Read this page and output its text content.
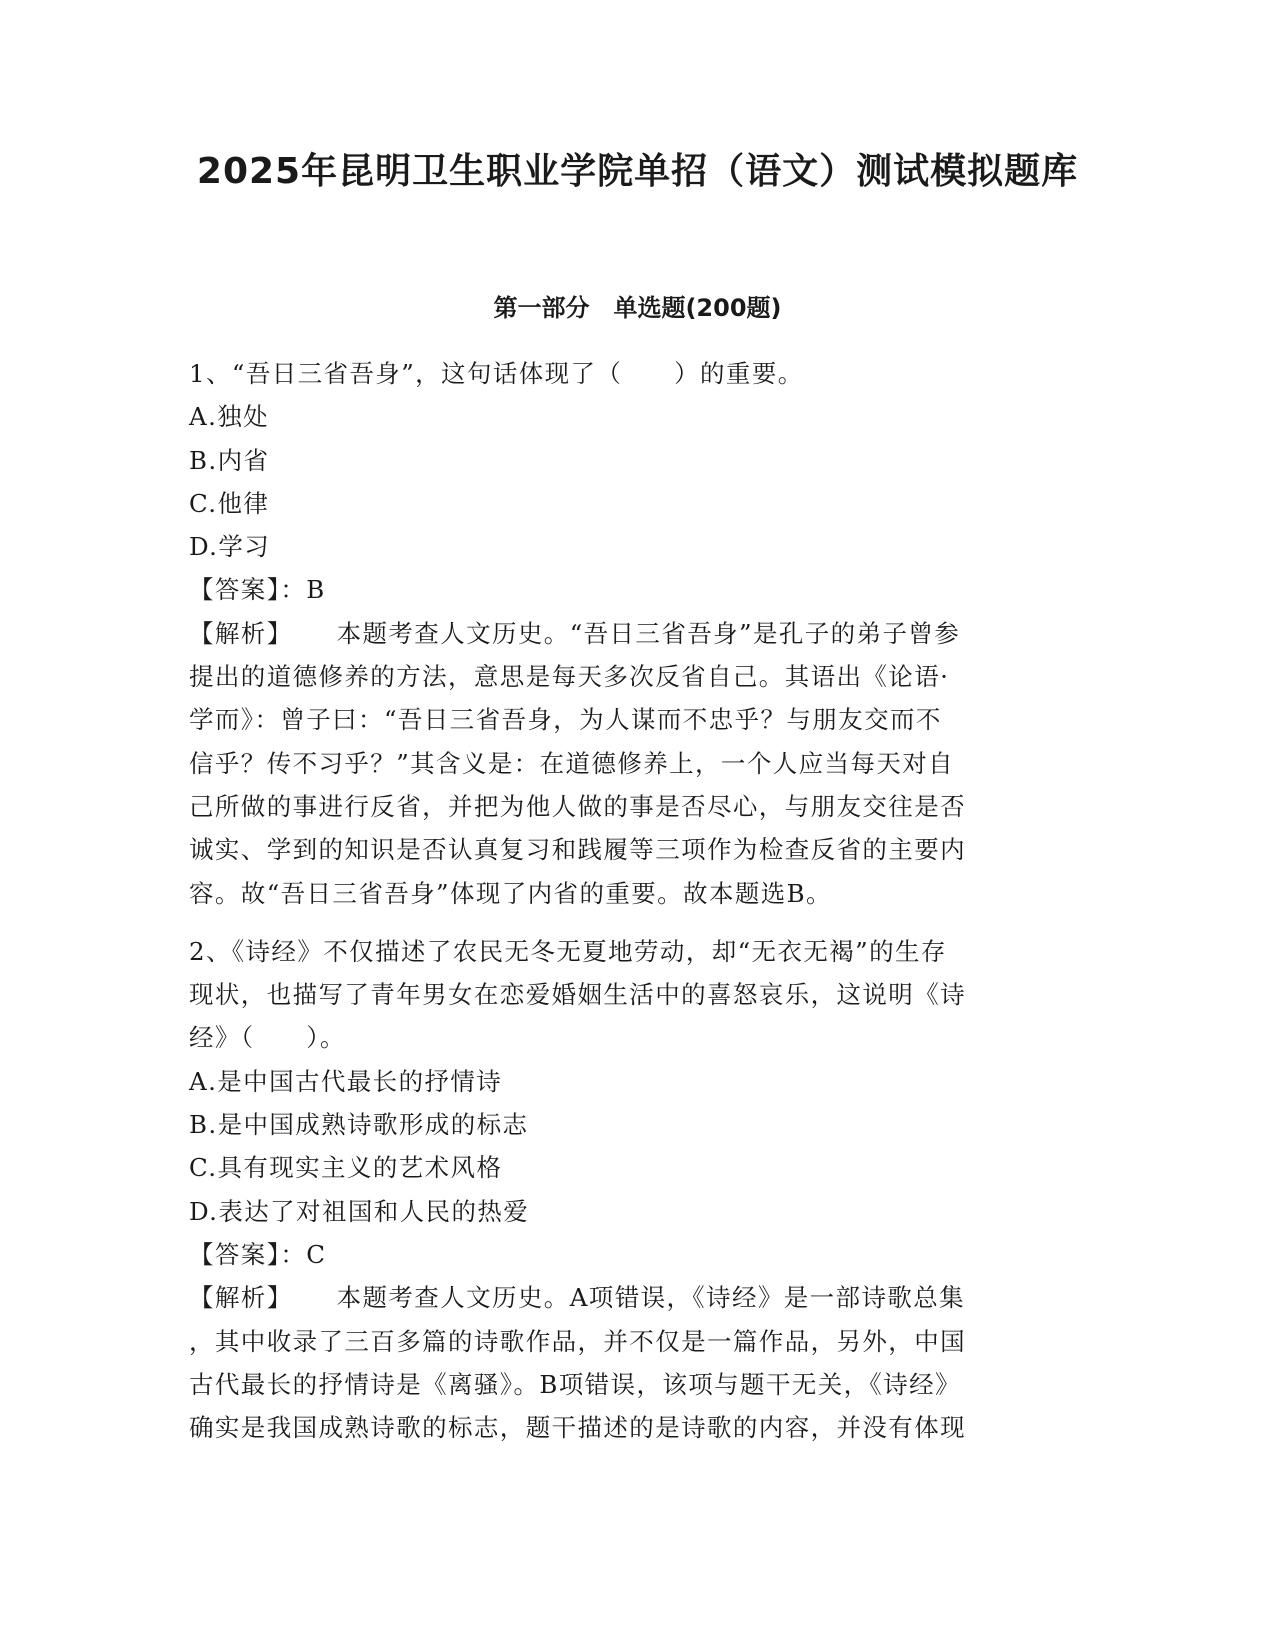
2025年昆明卫生职业学院单招（语文）测试模拟题库
第一部分　单选题(200题)
1、“吾日三省吾身”，这句话体现了（　　）的重要。
A.独处
B.内省
C.他律
D.学习
【答案】：B
【解析】 本题考查人文历史。“吾日三省吾身”是孔子的弟子曾参
提出的道德修养的方法，意思是每天多次反省自己。其语出《论语·
学而》：曾子曰：“吾日三省吾身，为人谋而不忠乎？与朋友交而不
信乎？传不习乎？”其含义是：在道德修养上，一个人应当每天对自
己所做的事进行反省，并把为他人做的事是否尽心，与朋友交往是否
诚实、学到的知识是否认真复习和践履等三项作为检查反省的主要内
容。故“吾日三省吾身”体现了内省的重要。故本题选B。
2、《诗经》不仅描述了农民无冬无夏地劳动，却“无衣无褐”的生存
现状，也描写了青年男女在恋爱婚姻生活中的喜怒哀乐，这说明《诗
经》（　　）。
A.是中国古代最长的抒情诗
B.是中国成熟诗歌形成的标志
C.具有现实主义的艺术风格
D.表达了对祖国和人民的热爱
【答案】：C
【解析】 本题考查人文历史。A项错误，《诗经》是一部诗歌总集
，其中收录了三百多篇的诗歌作品，并不仅是一篇作品，另外，中国
古代最长的抒情诗是《离骚》。B项错误，该项与题干无关，《诗经》
确实是我国成熟诗歌的标志，题干描述的是诗歌的内容，并没有体现
